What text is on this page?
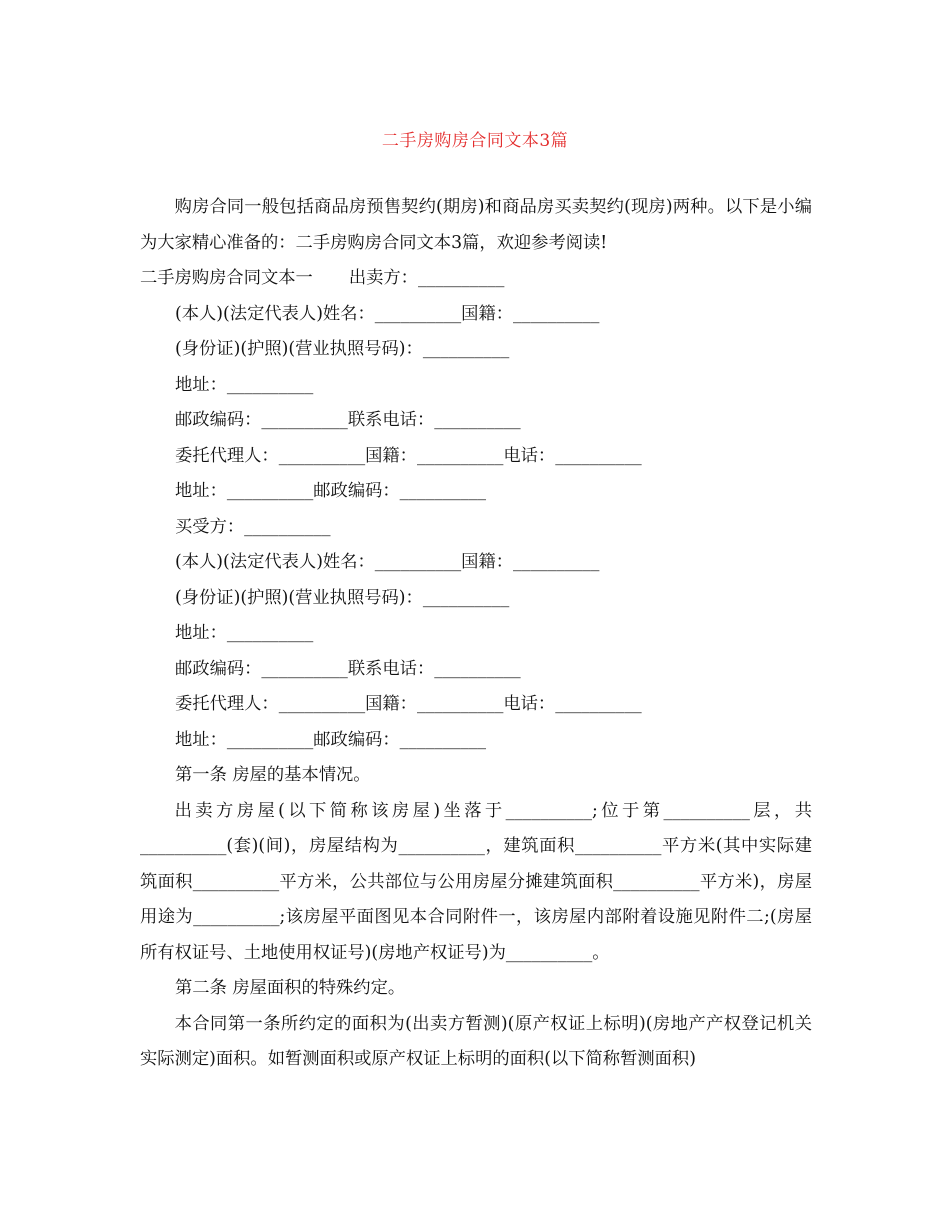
二手房购房合同文本3篇

购房合同一般包括商品房预售契约(期房)和商品房买卖契约(现房)两种。以下是小编为大家精心准备的：二手房购房合同文本3篇，欢迎参考阅读!

二手房购房合同文本一 出卖方：__________

(本人)(法定代表人)姓名：__________国籍：__________

(身份证)(护照)(营业执照号码)：__________

地址：__________

邮政编码：__________联系电话：__________

委托代理人：__________国籍：__________电话：__________

地址：__________邮政编码：__________

买受方：__________

(本人)(法定代表人)姓名：__________国籍：__________

(身份证)(护照)(营业执照号码)：__________

地址：__________

邮政编码：__________联系电话：__________

委托代理人：__________国籍：__________电话：__________

地址：__________邮政编码：__________

第一条 房屋的基本情况。

出卖方房屋(以下简称该房屋)坐落于__________;位于第__________层，共__________(套)(间)，房屋结构为__________，建筑面积__________平方米(其中实际建筑面积__________平方米，公共部位与公用房屋分摊建筑面积__________平方米)，房屋用途为__________;该房屋平面图见本合同附件一，该房屋内部附着设施见附件二;(房屋所有权证号、土地使用权证号)(房地产权证号)为__________。

第二条 房屋面积的特殊约定。

本合同第一条所约定的面积为(出卖方暂测)(原产权证上标明)(房地产产权登记机关实际测定)面积。如暂测面积或原产权证上标明的面积(以下简称暂测面积)
